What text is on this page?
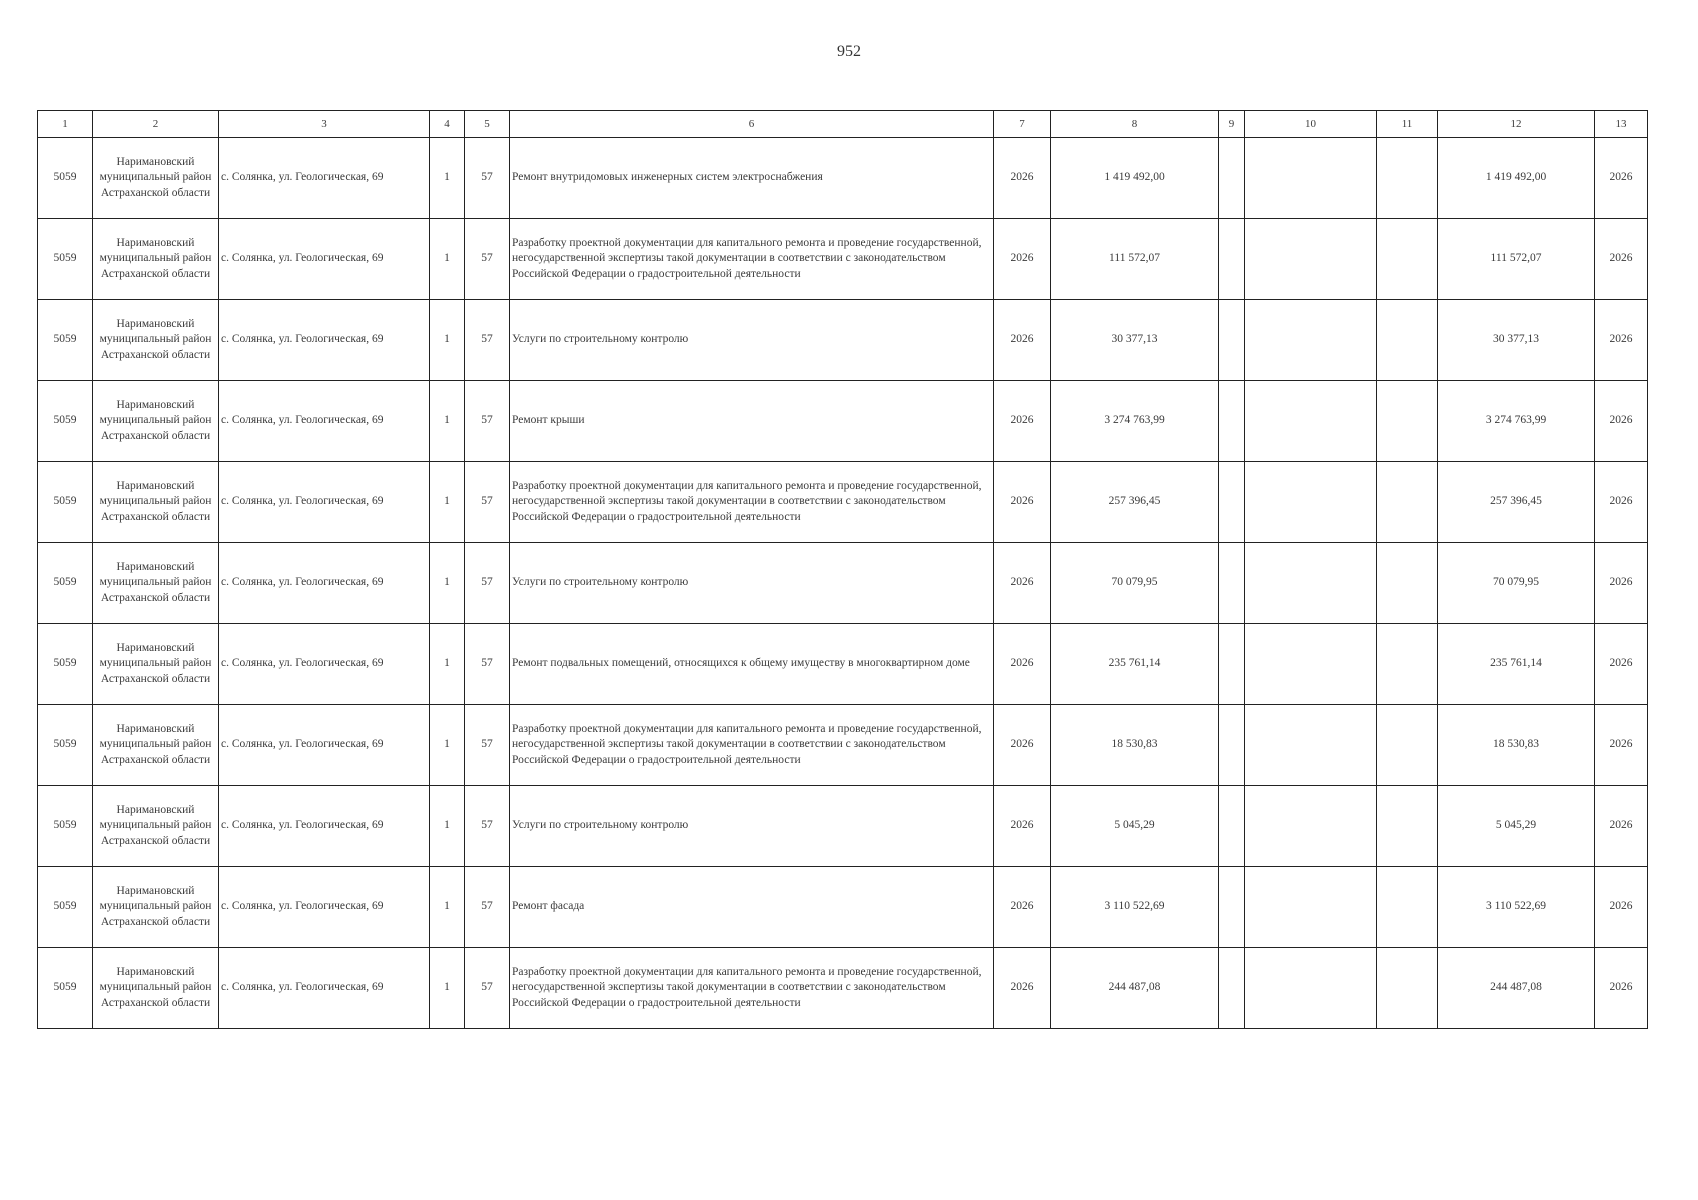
952
1	2	3	4	5	6	7	8	9	10	11	12	13
5059	Наримановский муниципальный район Астраханской области	с. Солянка, ул. Геологическая, 69	1	57	Ремонт внутридомовых инженерных систем электроснабжения	2026	1 419 492,00				1 419 492,00	2026
5059	Наримановский муниципальный район Астраханской области	с. Солянка, ул. Геологическая, 69	1	57	Разработку проектной документации для капитального ремонта и проведение государственной, негосударственной экспертизы такой документации в соответствии с законодательством Российской Федерации о градостроительной деятельности	2026	111 572,07				111 572,07	2026
5059	Наримановский муниципальный район Астраханской области	с. Солянка, ул. Геологическая, 69	1	57	Услуги по строительному контролю	2026	30 377,13				30 377,13	2026
5059	Наримановский муниципальный район Астраханской области	с. Солянка, ул. Геологическая, 69	1	57	Ремонт крыши	2026	3 274 763,99				3 274 763,99	2026
5059	Наримановский муниципальный район Астраханской области	с. Солянка, ул. Геологическая, 69	1	57	Разработку проектной документации для капитального ремонта и проведение государственной, негосударственной экспертизы такой документации в соответствии с законодательством Российской Федерации о градостроительной деятельности	2026	257 396,45				257 396,45	2026
5059	Наримановский муниципальный район Астраханской области	с. Солянка, ул. Геологическая, 69	1	57	Услуги по строительному контролю	2026	70 079,95				70 079,95	2026
5059	Наримановский муниципальный район Астраханской области	с. Солянка, ул. Геологическая, 69	1	57	Ремонт подвальных помещений, относящихся к общему имуществу в многоквартирном доме	2026	235 761,14				235 761,14	2026
5059	Наримановский муниципальный район Астраханской области	с. Солянка, ул. Геологическая, 69	1	57	Разработку проектной документации для капитального ремонта и проведение государственной, негосударственной экспертизы такой документации в соответствии с законодательством Российской Федерации о градостроительной деятельности	2026	18 530,83				18 530,83	2026
5059	Наримановский муниципальный район Астраханской области	с. Солянка, ул. Геологическая, 69	1	57	Услуги по строительному контролю	2026	5 045,29				5 045,29	2026
5059	Наримановский муниципальный район Астраханской области	с. Солянка, ул. Геологическая, 69	1	57	Ремонт фасада	2026	3 110 522,69				3 110 522,69	2026
5059	Наримановский муниципальный район Астраханской области	с. Солянка, ул. Геологическая, 69	1	57	Разработку проектной документации для капитального ремонта и проведение государственной, негосударственной экспертизы такой документации в соответствии с законодательством Российской Федерации о градостроительной деятельности	2026	244 487,08				244 487,08	2026
